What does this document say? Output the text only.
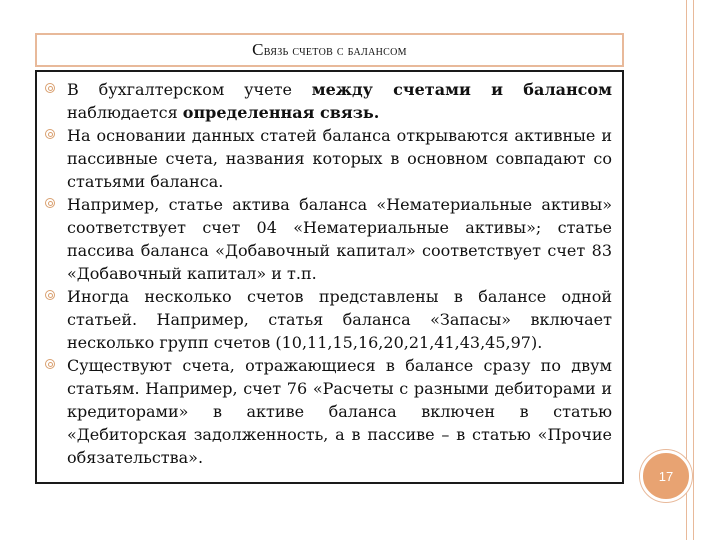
С вязь счетов с балансом
В бухгалтерском учете между счетами и балансом наблюдается определенная связь.
На основании данных статей баланса открываются активные и пассивные счета, названия которых в основном совпадают со статьями баланса.
Например, статье актива баланса «Нематериальные активы» соответствует счет 04 «Нематериальные активы»; статье пассива баланса «Добавочный капитал» соответствует счет 83 «Добавочный капитал» и т.п.
Иногда несколько счетов представлены в балансе одной статьей. Например, статья баланса «Запасы» включает несколько групп счетов (10,11,15,16,20,21,41,43,45,97).
Существуют счета, отражающиеся в балансе сразу по двум статьям. Например, счет 76 «Расчеты с разными дебиторами и кредиторами» в активе баланса включен в статью «Дебиторская задолженность, а в пассиве – в статью «Прочие обязательства».
17
